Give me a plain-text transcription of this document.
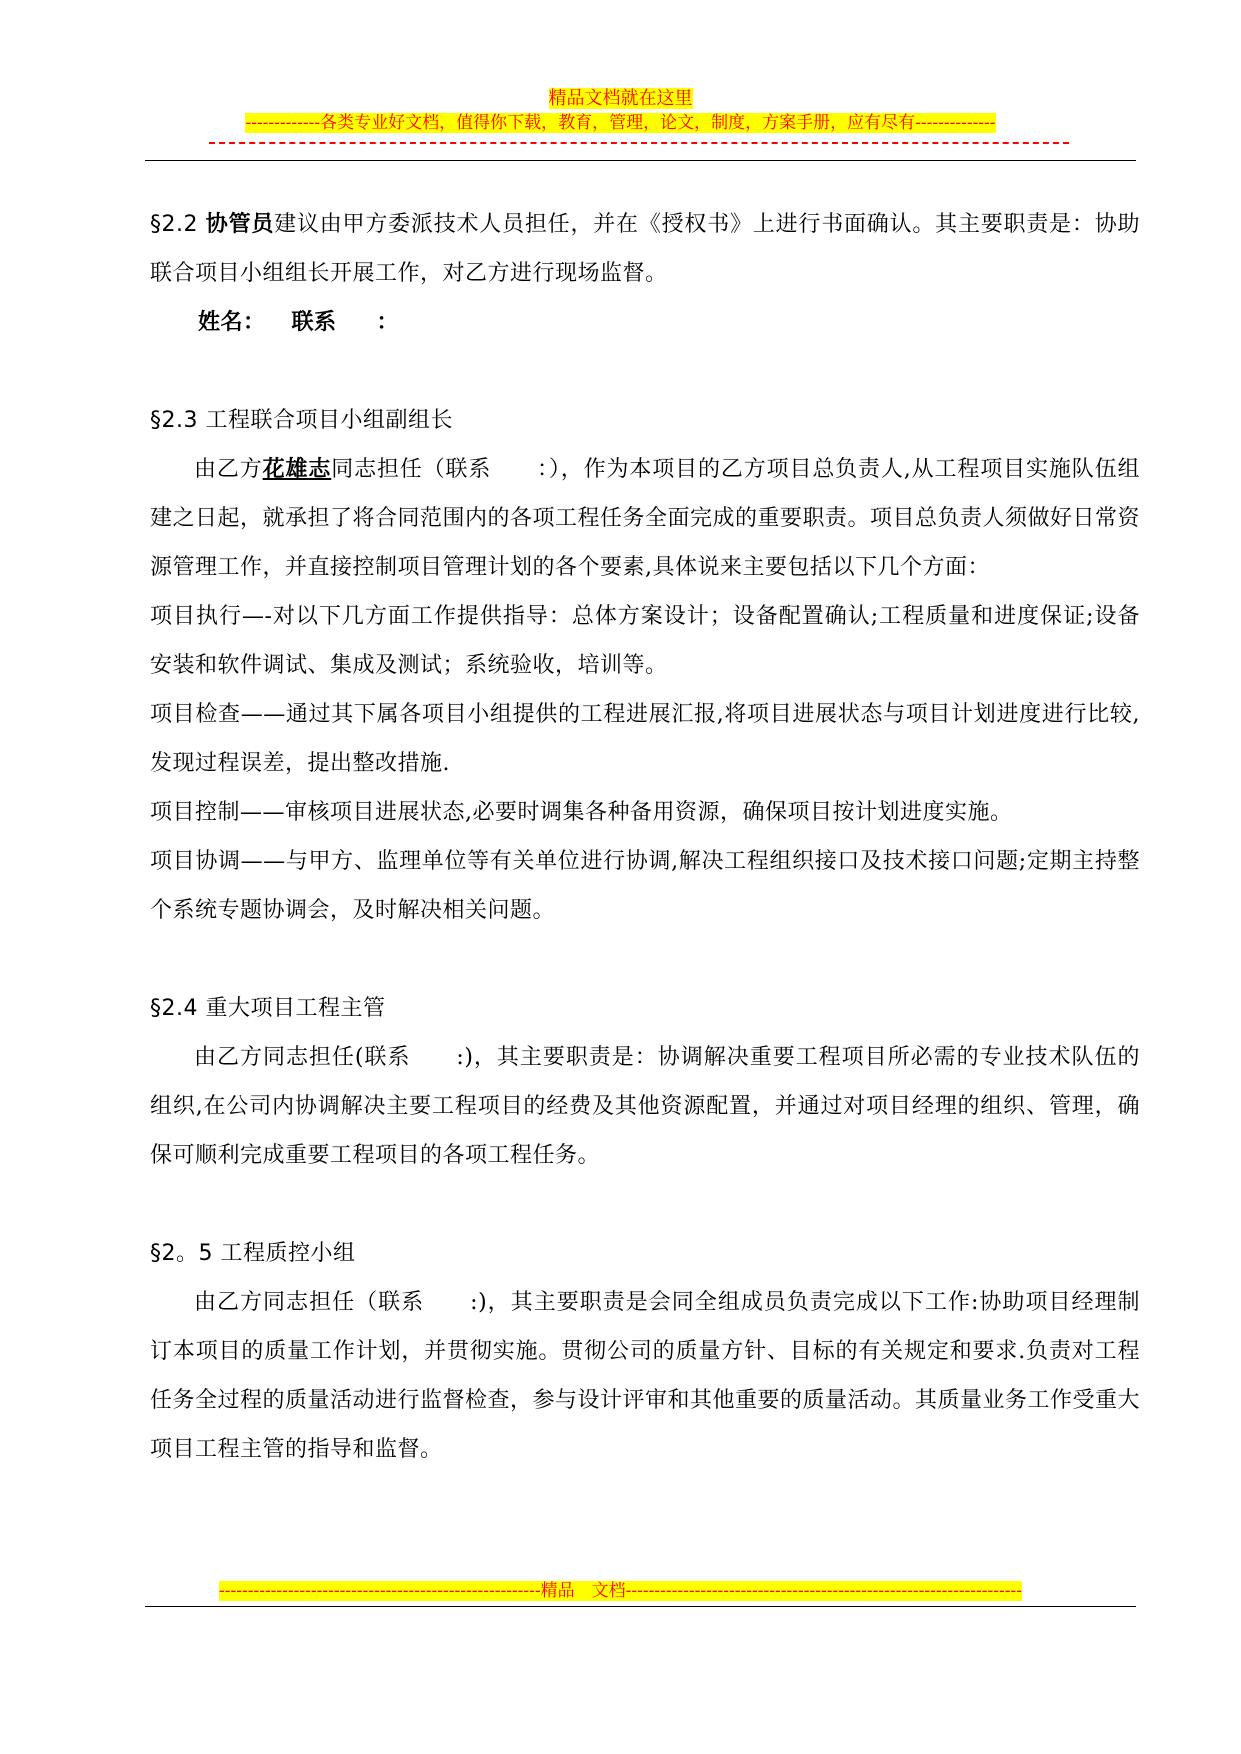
精品文档就在这里
-------------各类专业好文档，值得你下载，教育，管理，论文，制度，方案手册，应有尽有--------------

§2.2 协管员建议由甲方委派技术人员担任，并在《授权书》上进行书面确认。其主要职责是：协助联合项目小组组长开展工作，对乙方进行现场监督。

姓名： 联系 ：

§2.3 工程联合项目小组副组长

由乙方花雄志同志担任（联系　　：），作为本项目的乙方项目总负责人,从工程项目实施队伍组建之日起，就承担了将合同范围内的各项工程任务全面完成的重要职责。项目总负责人须做好日常资源管理工作，并直接控制项目管理计划的各个要素,具体说来主要包括以下几个方面：

项目执行—-对以下几方面工作提供指导：总体方案设计；设备配置确认;工程质量和进度保证;设备安装和软件调试、集成及测试；系统验收，培训等。

项目检查——通过其下属各项目小组提供的工程进展汇报,将项目进展状态与项目计划进度进行比较,发现过程误差，提出整改措施.

项目控制——审核项目进展状态,必要时调集各种备用资源，确保项目按计划进度实施。

项目协调——与甲方、监理单位等有关单位进行协调,解决工程组织接口及技术接口问题;定期主持整个系统专题协调会，及时解决相关问题。

§2.4 重大项目工程主管

由乙方同志担任(联系　　:)，其主要职责是：协调解决重要工程项目所必需的专业技术队伍的组织,在公司内协调解决主要工程项目的经费及其他资源配置，并通过对项目经理的组织、管理，确保可顺利完成重要工程项目的各项工程任务。

§2。5 工程质控小组

由乙方同志担任（联系　　:)，其主要职责是会同全组成员负责完成以下工作:协助项目经理制订本项目的质量工作计划，并贯彻实施。贯彻公司的质量方针、目标的有关规定和要求.负责对工程任务全过程的质量活动进行监督检查，参与设计评审和其他重要的质量活动。其质量业务工作受重大项目工程主管的指导和监督。

--------------------------------------------------------精品　文档---------------------------------------------------------------------
